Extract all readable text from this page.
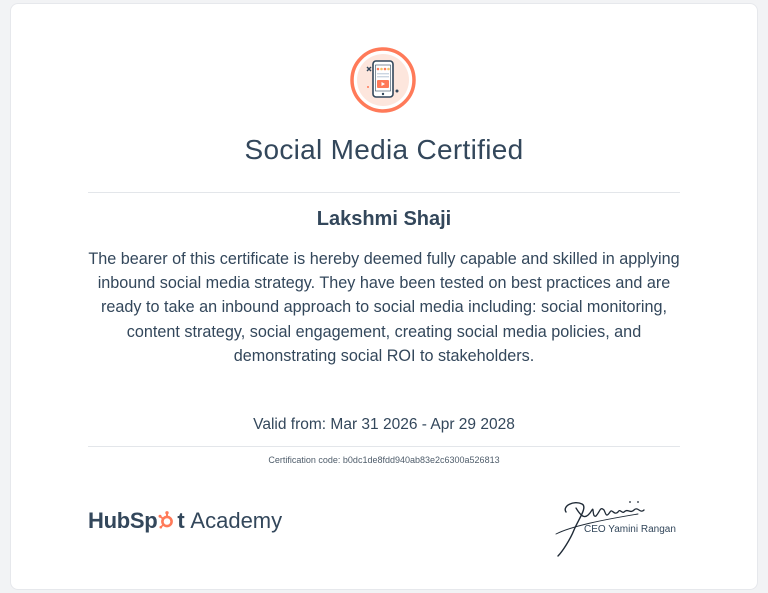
Social Media Certified
Lakshmi Shaji
The bearer of this certificate is hereby deemed fully capable and skilled in applying inbound social media strategy. They have been tested on best practices and are ready to take an inbound approach to social media including: social monitoring, content strategy, social engagement, creating social media policies, and demonstrating social ROI to stakeholders.
Valid from: Mar 31 2026 - Apr 29 2028
Certification code: b0dc1de8fdd940ab83e2c6300a526813
HubSp t Academy	CEO Yamini Rangan
